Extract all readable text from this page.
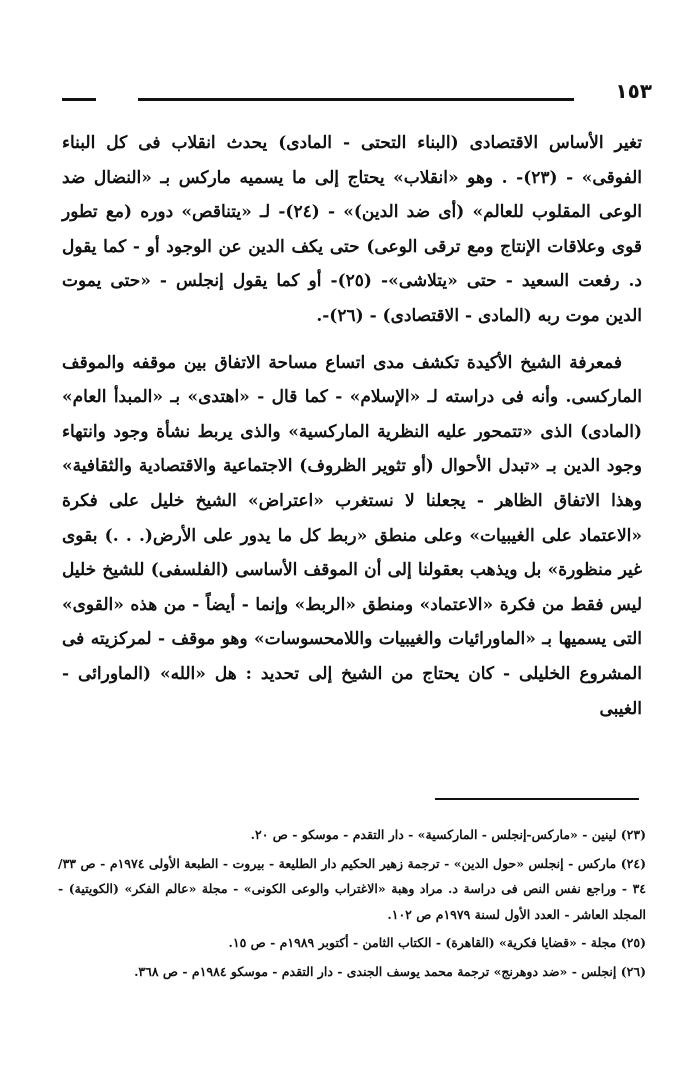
١٥٣

تغير الأساس الاقتصادى (البناء التحتى - المادى) يحدث انقلاب فى كل البناء الفوقى» - (٢٣)- . وهو «انقلاب» يحتاج إلى ما يسميه ماركس بـ «النضال ضد الوعى المقلوب للعالم» (أى ضد الدين)» - (٢٤)- لـ «يتناقص» دوره (مع تطور قوى وعلاقات الإنتاج ومع ترقى الوعى) حتى يكف الدين عن الوجود أو - كما يقول د. رفعت السعيد - حتى «يتلاشى»- (٢٥)- أو كما يقول إنجلس - «حتى يموت الدين موت ربه (المادى - الاقتصادى) - (٢٦)-.

فمعرفة الشيخ الأكيدة تكشف مدى اتساع مساحة الاتفاق بين موقفه والموقف الماركسى. وأنه فى دراسته لـ «الإسلام» - كما قال - «اهتدى» بـ «المبدأ العام» (المادى) الذى «تتمحور عليه النظرية الماركسية» والذى يربط نشأة وجود وانتهاء وجود الدين بـ «تبدل الأحوال (أو تثوير الظروف) الاجتماعية والاقتصادية والثقافية» وهذا الاتفاق الظاهر - يجعلنا لا نستغرب «اعتراض» الشيخ خليل على فكرة «الاعتماد على الغيبيات» وعلى منطق «ربط كل ما يدور على الأرض(. . .) بقوى غير منظورة» بل ويذهب بعقولنا إلى أن الموقف الأساسى (الفلسفى) للشيخ خليل ليس فقط من فكرة «الاعتماد» ومنطق «الربط» وإنما - أيضاً - من هذه «القوى» التى يسميها بـ «الماورائيات والغيبيات واللامحسوسات» وهو موقف - لمركزيته فى المشروع الخليلى - كان يحتاج من الشيخ إلى تحديد : هل «الله» (الماورائى - الغيبى

(٢٣) لينين - «ماركس-إنجلس - الماركسية» - دار التقدم - موسكو - ص ٢٠.

(٢٤) ماركس - إنجلس «حول الدين» - ترجمة زهير الحكيم دار الطليعة - بيروت - الطبعة الأولى ١٩٧٤م - ص ٣٣/ ٣٤ - وراجع نفس النص فى دراسة د. مراد وهبة «الاغتراب والوعى الكونى» - مجلة «عالم الفكر» (الكويتية) - المجلد العاشر - العدد الأول لسنة ١٩٧٩م ص ١٠٢.

(٢٥) مجلة - «قضايا فكرية» (القاهرة) - الكتاب الثامن - أكتوبر ١٩٨٩م - ص ١٥.

(٢٦) إنجلس - «ضد دوهرنج» ترجمة محمد يوسف الجندى - دار التقدم - موسكو ١٩٨٤م - ص ٣٦٨.
